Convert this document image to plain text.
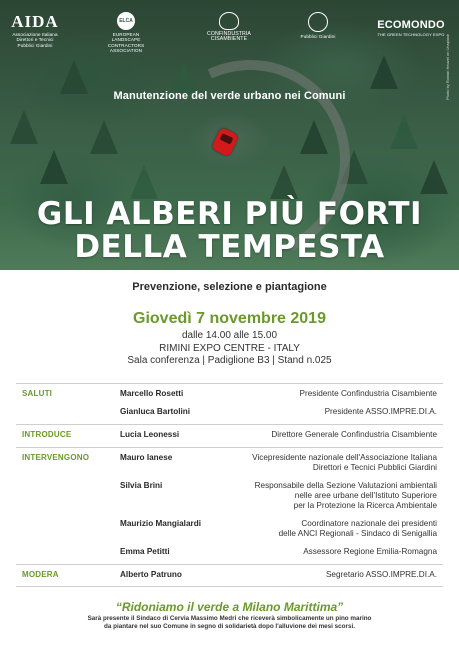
AIDA
Associazione Italiana Direttori e Tecnici Pubblici Giardini
ELCA
EUROPEAN LANDSCAPE CONTRACTORS ASSOCIATION
CONFINDUSTRIA CISAMBIENTE	Pubblici Giardini
ECOMONDO
THE GREEN TECHNOLOGY EXPO Photo by Rowan Heuvel on Unsplash
Manutenzione del verde urbano nei Comuni
GLI ALBERI PIÙ FORTI
DELLA TEMPESTA
Prevenzione, selezione e piantagione
Giovedì 7 novembre 2019
dalle 14.00 alle 15.00
RIMINI EXPO CENTRE - ITALY
Sala conferenza | Padiglione B3 | Stand n.025
SALUTI	Marcello Rosetti	Presidente Confindustria Cisambiente
Gianluca Bartolini	Presidente ASSO.IMPRE.DI.A.
INTRODUCE	Lucia Leonessi	Direttore Generale Confindustria Cisambiente
INTERVENGONO	Mauro Ianese	Vicepresidente nazionale dell'Associazione Italiana
Direttori e Tecnici Pubblici Giardini
Silvia Brini	Responsabile della Sezione Valutazioni ambientali
nelle aree urbane dell'Istituto Superiore
per la Protezione la Ricerca Ambientale
Maurizio Mangialardi	Coordinatore nazionale dei presidenti
delle ANCI Regionali - Sindaco di Senigallia
Emma Petitti	Assessore Regione Emilia-Romagna
MODERA	Alberto Patruno	Segretario ASSO.IMPRE.DI.A.
“Ridoniamo il verde a Milano Marittima”
Sarà presente il Sindaco di Cervia Massimo Medri che riceverà simbolicamente un pino marino
da piantare nel suo Comune in segno di solidarietà dopo l'alluvione dei mesi scorsi.
